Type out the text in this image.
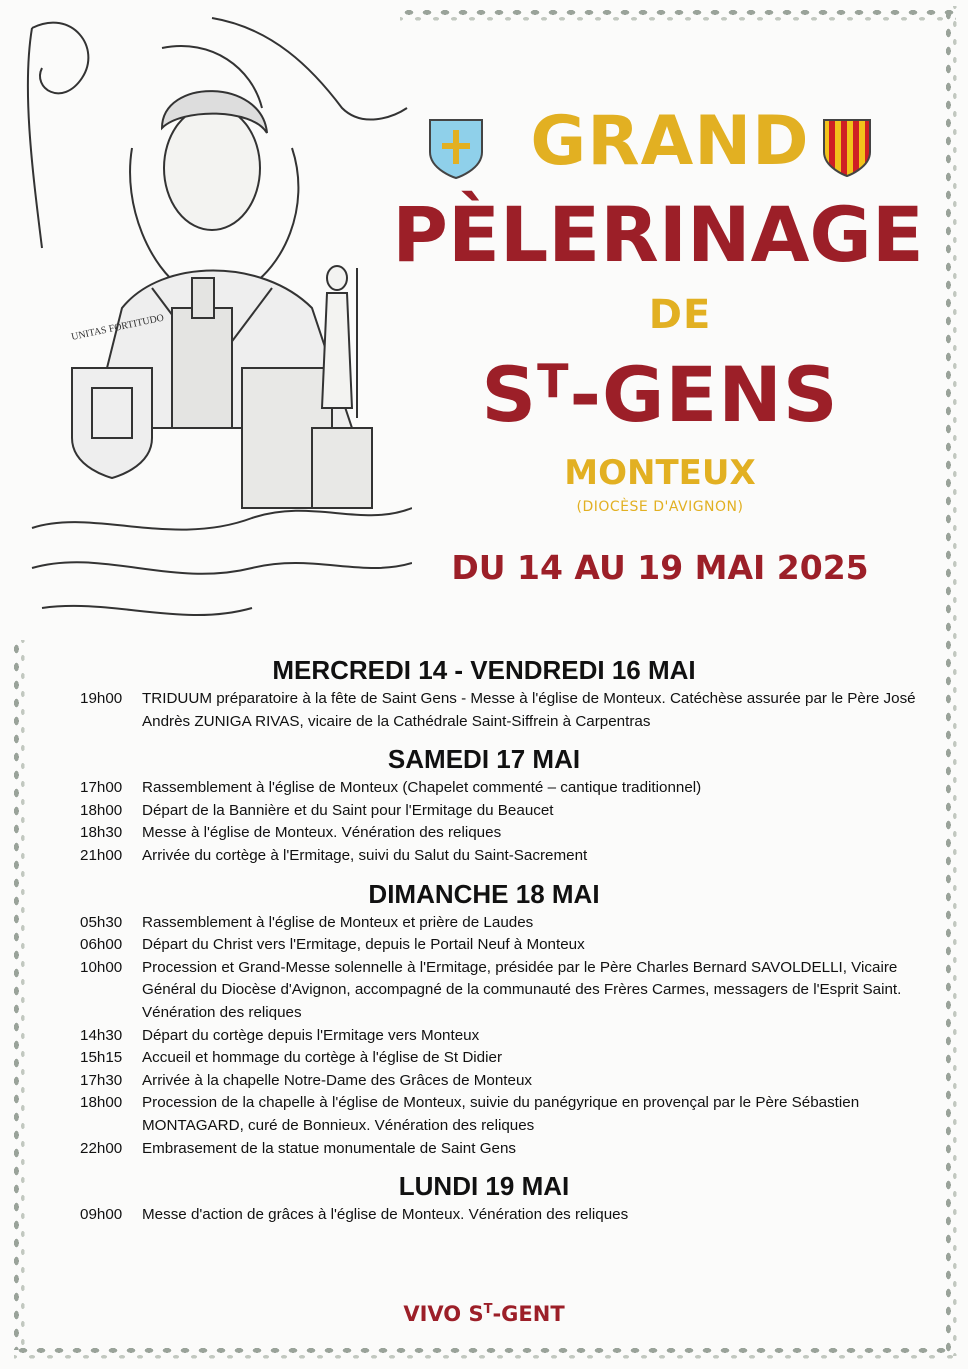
UNITAS FORTITUDO
GRAND
PÈLERINAGE
DE
$S^T$-GENS
MONTEUX
(DIOCÈSE D'AVIGNON)
DU 14 AU 19 MAI 2025
MERCREDI 14 - VENDREDI 16 MAI
19h00	TRIDUUM préparatoire à la fête de Saint Gens - Messe à l'église de Monteux. Catéchèse assurée par le Père José Andrès ZUNIGA RIVAS, vicaire de la Cathédrale Saint-Siffrein à Carpentras
SAMEDI 17 MAI
17h00	Rassemblement à l'église de Monteux (Chapelet commenté – cantique traditionnel)
18h00	Départ de la Bannière et du Saint pour l'Ermitage du Beaucet
18h30	Messe à l'église de Monteux. Vénération des reliques
21h00	Arrivée du cortège à l'Ermitage, suivi du Salut du Saint-Sacrement
DIMANCHE 18 MAI
05h30	Rassemblement à l'église de Monteux et prière de Laudes
06h00	Départ du Christ vers l'Ermitage, depuis le Portail Neuf à Monteux
10h00	Procession et Grand-Messe solennelle à l'Ermitage, présidée par le Père Charles Bernard SAVOLDELLI, Vicaire Général du Diocèse d'Avignon, accompagné de la communauté des Frères Carmes, messagers de l'Esprit Saint. Vénération des reliques
14h30	Départ du cortège depuis l'Ermitage vers Monteux
15h15	Accueil et hommage du cortège à l'église de St Didier
17h30	Arrivée à la chapelle Notre-Dame des Grâces de Monteux
18h00	Procession de la chapelle à l'église de Monteux, suivie du panégyrique en provençal par le Père Sébastien MONTAGARD, curé de Bonnieux. Vénération des reliques
22h00	Embrasement de la statue monumentale de Saint Gens
LUNDI 19 MAI
09h00	Messe d'action de grâces à l'église de Monteux. Vénération des reliques
VIVO $S^T$-GENT
